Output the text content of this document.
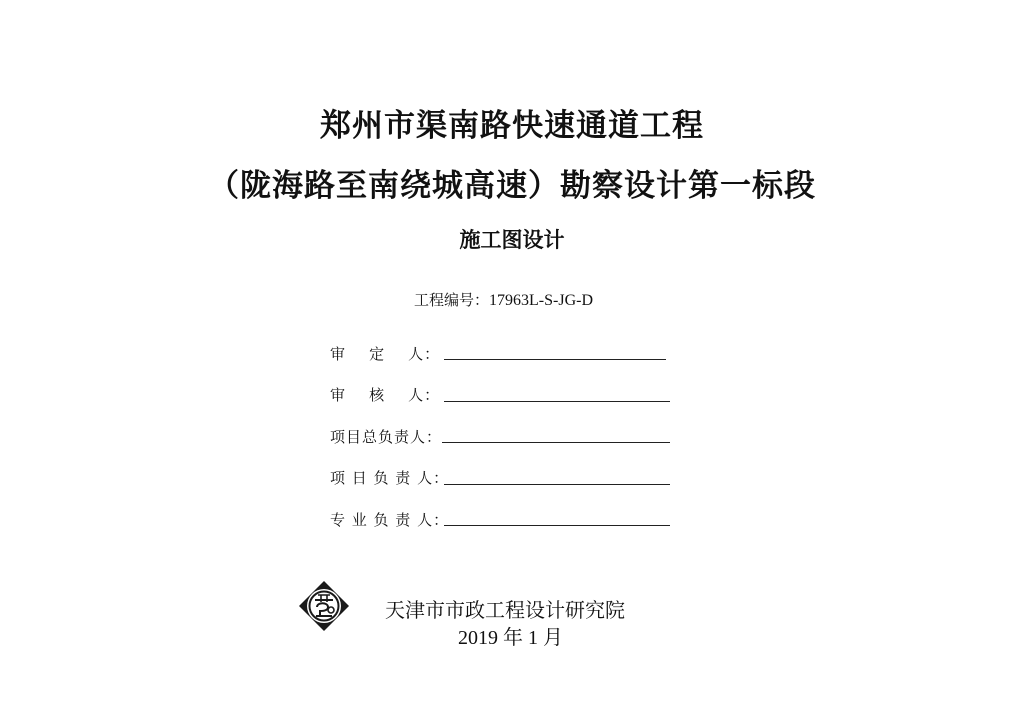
郑州市渠南路快速通道工程
（陇海路至南绕城高速）勘察设计第一标段
施工图设计
工程编号：17963L-S-JG-D
审    定    人：
审    核    人：
项目总负责人：
项 日 负 责 人：
专 业 负 责 人：
天津市市政工程设计研究院
2019 年 1 月
